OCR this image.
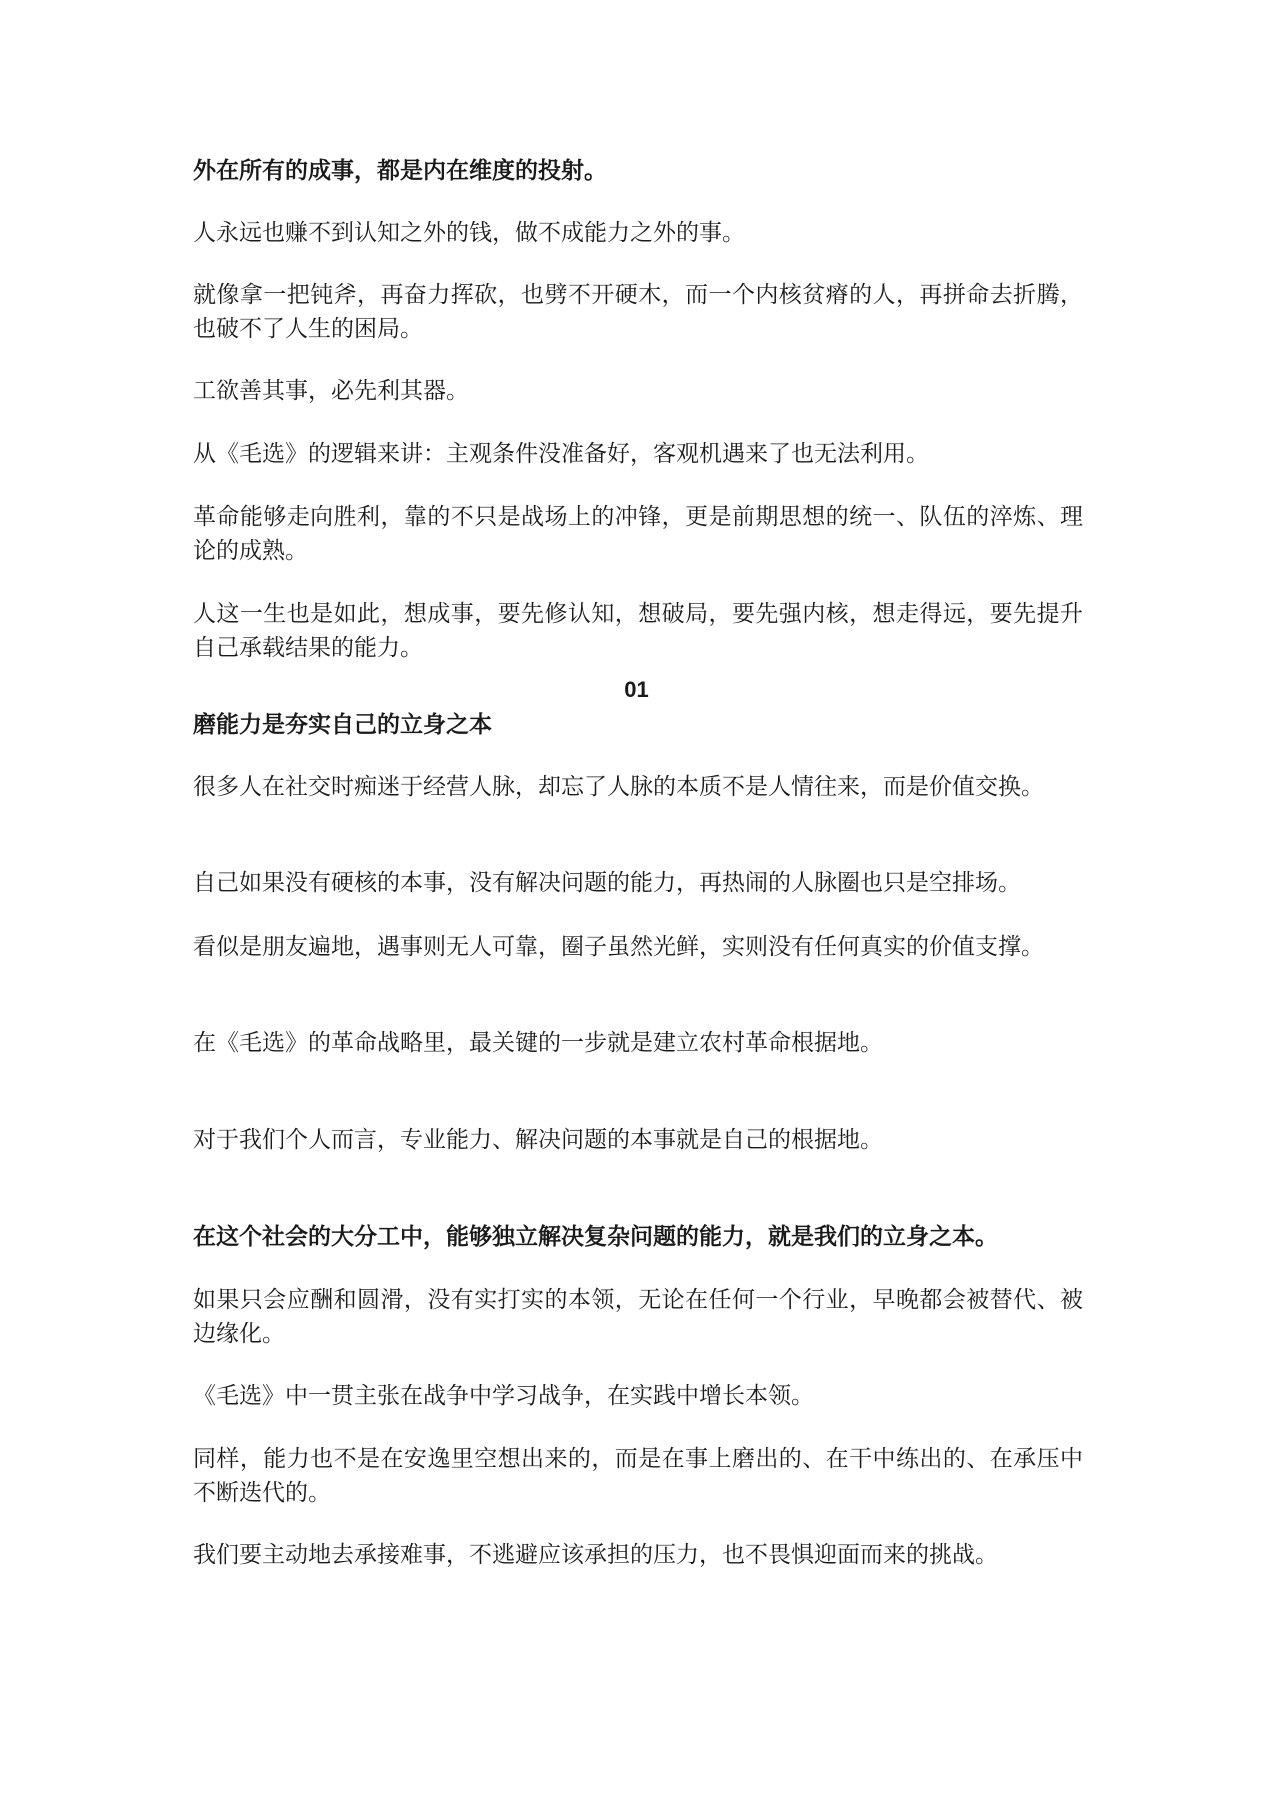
外在所有的成事，都是内在维度的投射。

人永远也赚不到认知之外的钱，做不成能力之外的事。

就像拿一把钝斧，再奋力挥砍，也劈不开硬木，而一个内核贫瘠的人，再拼命去折腾，也破不了人生的困局。

工欲善其事，必先利其器。

从《毛选》的逻辑来讲：主观条件没准备好，客观机遇来了也无法利用。

革命能够走向胜利，靠的不只是战场上的冲锋，更是前期思想的统一、队伍的淬炼、理论的成熟。

人这一生也是如此，想成事，要先修认知，想破局，要先强内核，想走得远，要先提升自己承载结果的能力。

01

磨能力是夯实自己的立身之本

很多人在社交时痴迷于经营人脉，却忘了人脉的本质不是人情往来，而是价值交换。

自己如果没有硬核的本事，没有解决问题的能力，再热闹的人脉圈也只是空排场。

看似是朋友遍地，遇事则无人可靠，圈子虽然光鲜，实则没有任何真实的价值支撑。

在《毛选》的革命战略里，最关键的一步就是建立农村革命根据地。

对于我们个人而言，专业能力、解决问题的本事就是自己的根据地。

在这个社会的大分工中，能够独立解决复杂问题的能力，就是我们的立身之本。

如果只会应酬和圆滑，没有实打实的本领，无论在任何一个行业，早晚都会被替代、被边缘化。

《毛选》中一贯主张在战争中学习战争，在实践中增长本领。

同样，能力也不是在安逸里空想出来的，而是在事上磨出的、在干中练出的、在承压中不断迭代的。

我们要主动地去承接难事，不逃避应该承担的压力，也不畏惧迎面而来的挑战。
